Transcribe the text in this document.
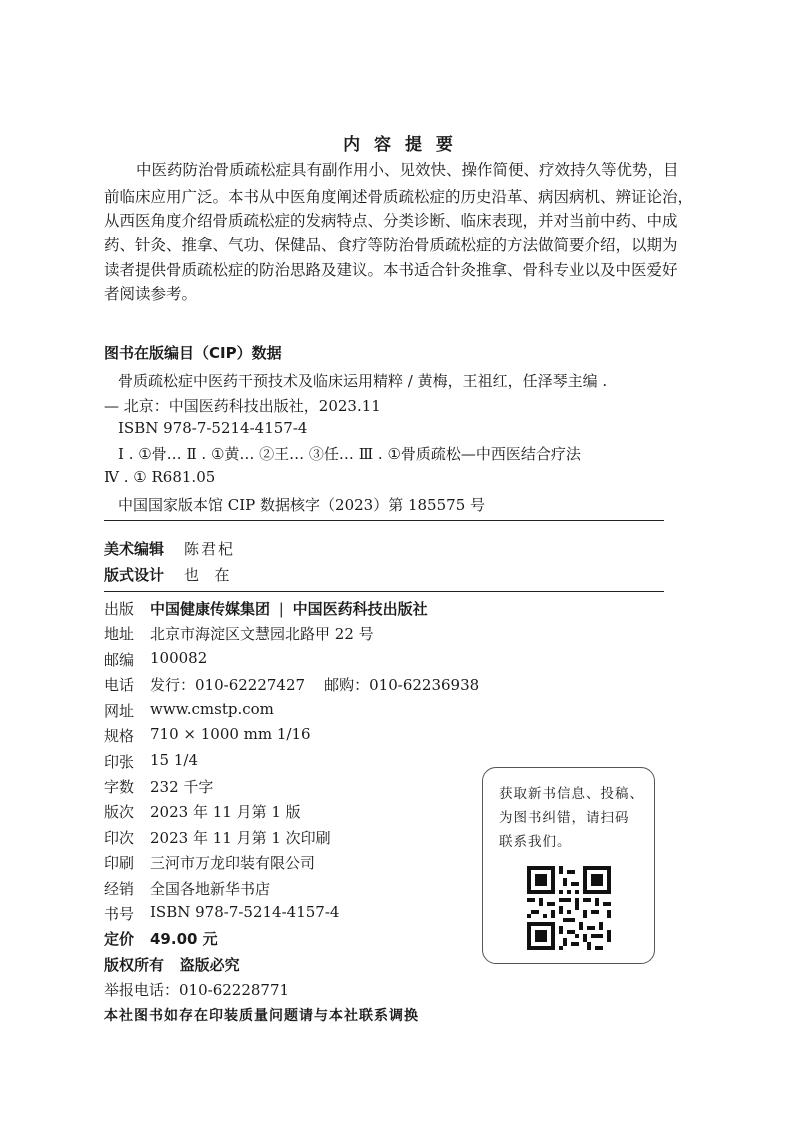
内 容 提 要
中医药防治骨质疏松症具有副作用小、见效快、操作简便、疗效持久等优势，目
前临床应用广泛。本书从中医角度阐述骨质疏松症的历史沿革、病因病机、辨证论治，
从西医角度介绍骨质疏松症的发病特点、分类诊断、临床表现，并对当前中药、中成
药、针灸、推拿、气功、保健品、食疗等防治骨质疏松症的方法做简要介绍，以期为
读者提供骨质疏松症的防治思路及建议。本书适合针灸推拿、骨科专业以及中医爱好
者阅读参考。
图书在版编目（CIP）数据
骨质疏松症中医药干预技术及临床运用精粹 / 黄梅，王祖红，任泽琴主编 .
— 北京：中国医药科技出版社，2023.11
ISBN 978-7-5214-4157-4
Ⅰ . ①骨… Ⅱ . ①黄… ②王… ③任… Ⅲ . ①骨质疏松—中西医结合疗法
Ⅳ . ① R681.05
中国国家版本馆 CIP 数据核字（2023）第 185575 号
美术编辑 陈君杞
版式设计 也  在
出版 中国健康传媒集团 | 中国医药科技出版社
地址 北京市海淀区文慧园北路甲 22 号
邮编 100082
电话 发行：010-62227427    邮购：010-62236938
网址 www.cmstp.com
规格 710 × 1000 mm 1/16
印张 15 1/4
字数 232 千字
版次 2023 年 11 月第 1 版
印次 2023 年 11 月第 1 次印刷
印刷 三河市万龙印装有限公司
经销 全国各地新华书店
书号 ISBN 978-7-5214-4157-4
定价 49.00 元
版权所有   盗版必究
举报电话：010-62228771
本社图书如存在印装质量问题请与本社联系调换
获取新书信息、投稿、
为图书纠错，请扫码
联系我们。
